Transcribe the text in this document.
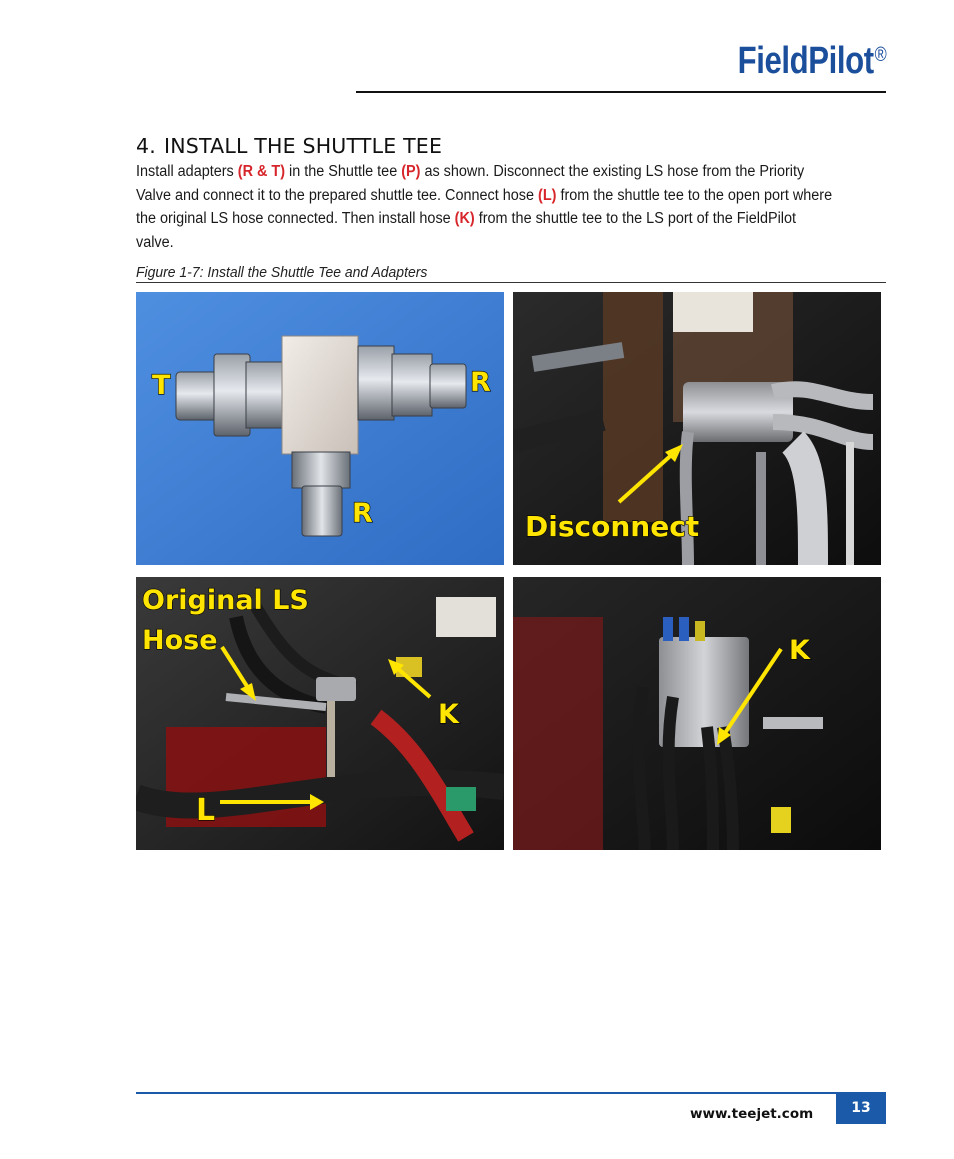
FieldPilot®
4. INSTALL THE SHUTTLE TEE
Install adapters (R & T) in the Shuttle tee (P) as shown. Disconnect the existing LS hose from the Priority Valve and connect it to the prepared shuttle tee. Connect hose (L) from the shuttle tee to the open port where the original LS hose connected. Then install hose (K) from the shuttle tee to the LS port of the FieldPilot valve.
Figure 1-7: Install the Shuttle Tee and Adapters
T	R
R	Disconnect
Original LS
Hose
K
L
K
www.teejet.com	13
